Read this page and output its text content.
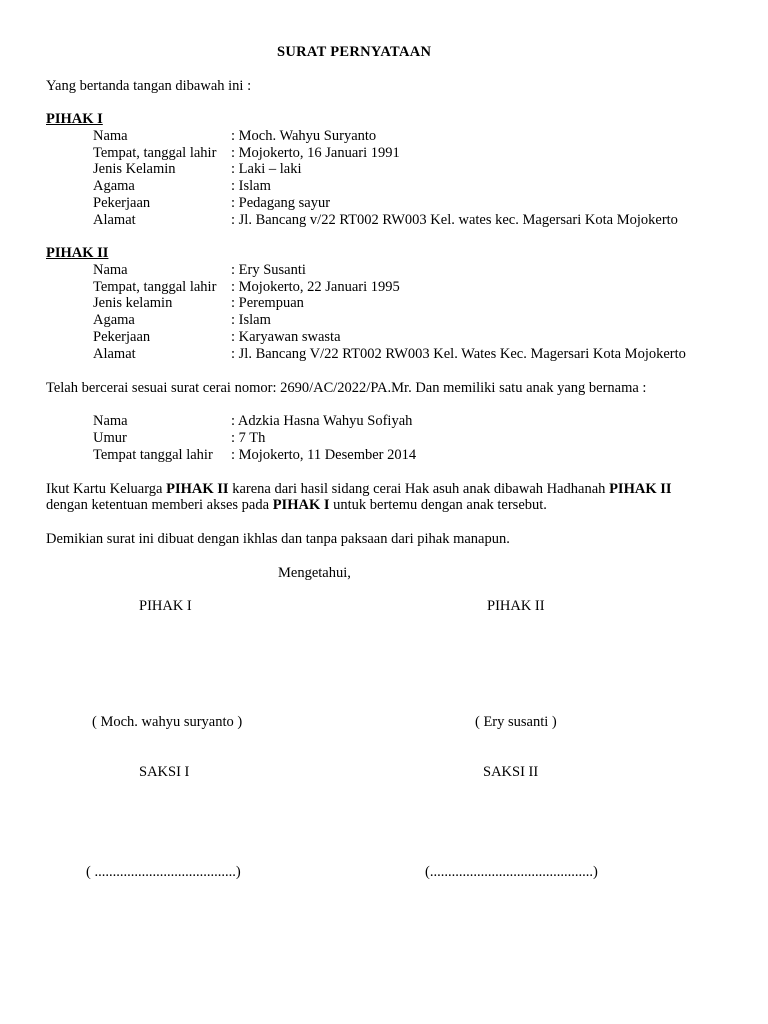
SURAT PERNYATAAN
Yang bertanda tangan dibawah ini :
PIHAK I
Nama	: Moch. Wahyu Suryanto
Tempat, tanggal lahir : Mojokerto, 16 Januari 1991
Jenis Kelamin	: Laki – laki
Agama	: Islam
Pekerjaan	: Pedagang sayur
Alamat	: Jl. Bancang v/22 RT002 RW003 Kel. wates kec. Magersari Kota Mojokerto
PIHAK II
Nama	: Ery Susanti
Tempat, tanggal lahir : Mojokerto, 22 Januari 1995
Jenis kelamin	: Perempuan
Agama	: Islam
Pekerjaan	: Karyawan swasta
Alamat	: Jl. Bancang V/22 RT002 RW003 Kel. Wates Kec. Magersari Kota Mojokerto
Telah bercerai sesuai surat cerai nomor: 2690/AC/2022/PA.Mr. Dan memiliki satu anak yang bernama :
Nama	: Adzkia Hasna Wahyu Sofiyah
Umur	: 7 Th
Tempat tanggal lahir : Mojokerto, 11 Desember 2014
Ikut Kartu Keluarga PIHAK II karena dari hasil sidang cerai Hak asuh anak dibawah Hadhanah PIHAK II
dengan ketentuan memberi akses pada PIHAK I untuk bertemu dengan anak tersebut.
Demikian surat ini dibuat dengan ikhlas dan tanpa paksaan dari pihak manapun.
Mengetahui,
PIHAK I	PIHAK II
( Moch. wahyu suryanto )	( Ery susanti )
SAKSI I	SAKSI II
( .......................................)	(.............................................)
